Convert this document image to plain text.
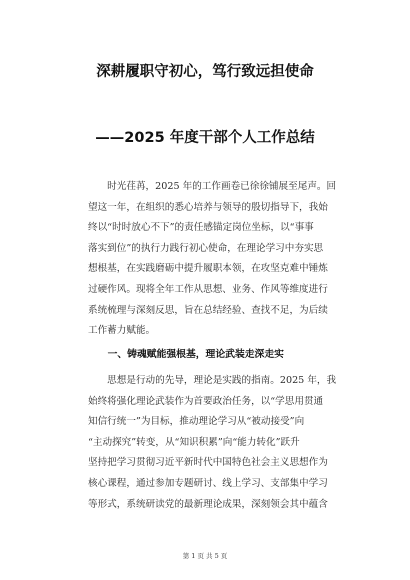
深耕履职守初心，笃行致远担使命
——2025 年度干部个人工作总结
　　时光荏苒，2025 年的工作画卷已徐徐铺展至尾声。回
望这一年，在组织的悉心培养与领导的殷切指导下，我始
终以“时时放心不下”的责任感锚定岗位坐标，以“事事
落实到位”的执行力践行初心使命，在理论学习中夯实思
想根基，在实践磨砺中提升履职本领，在攻坚克难中锤炼
过硬作风。现将全年工作从思想、业务、作风等维度进行
系统梳理与深刻反思，旨在总结经验、查找不足，为后续
工作蓄力赋能。
　　一、铸魂赋能强根基，理论武装走深走实
　　思想是行动的先导，理论是实践的指南。2025 年，我
始终将强化理论武装作为首要政治任务，以“学思用贯通
知信行统一”为目标，推动理论学习从“被动接受”向
“主动探究”转变，从“知识积累”向“能力转化”跃升
坚持把学习贯彻习近平新时代中国特色社会主义思想作为
核心课程，通过参加专题研讨、线上学习、支部集中学习
等形式，系统研读党的最新理论成果，深刻领会其中蕴含
第 1 页 共 5 页
